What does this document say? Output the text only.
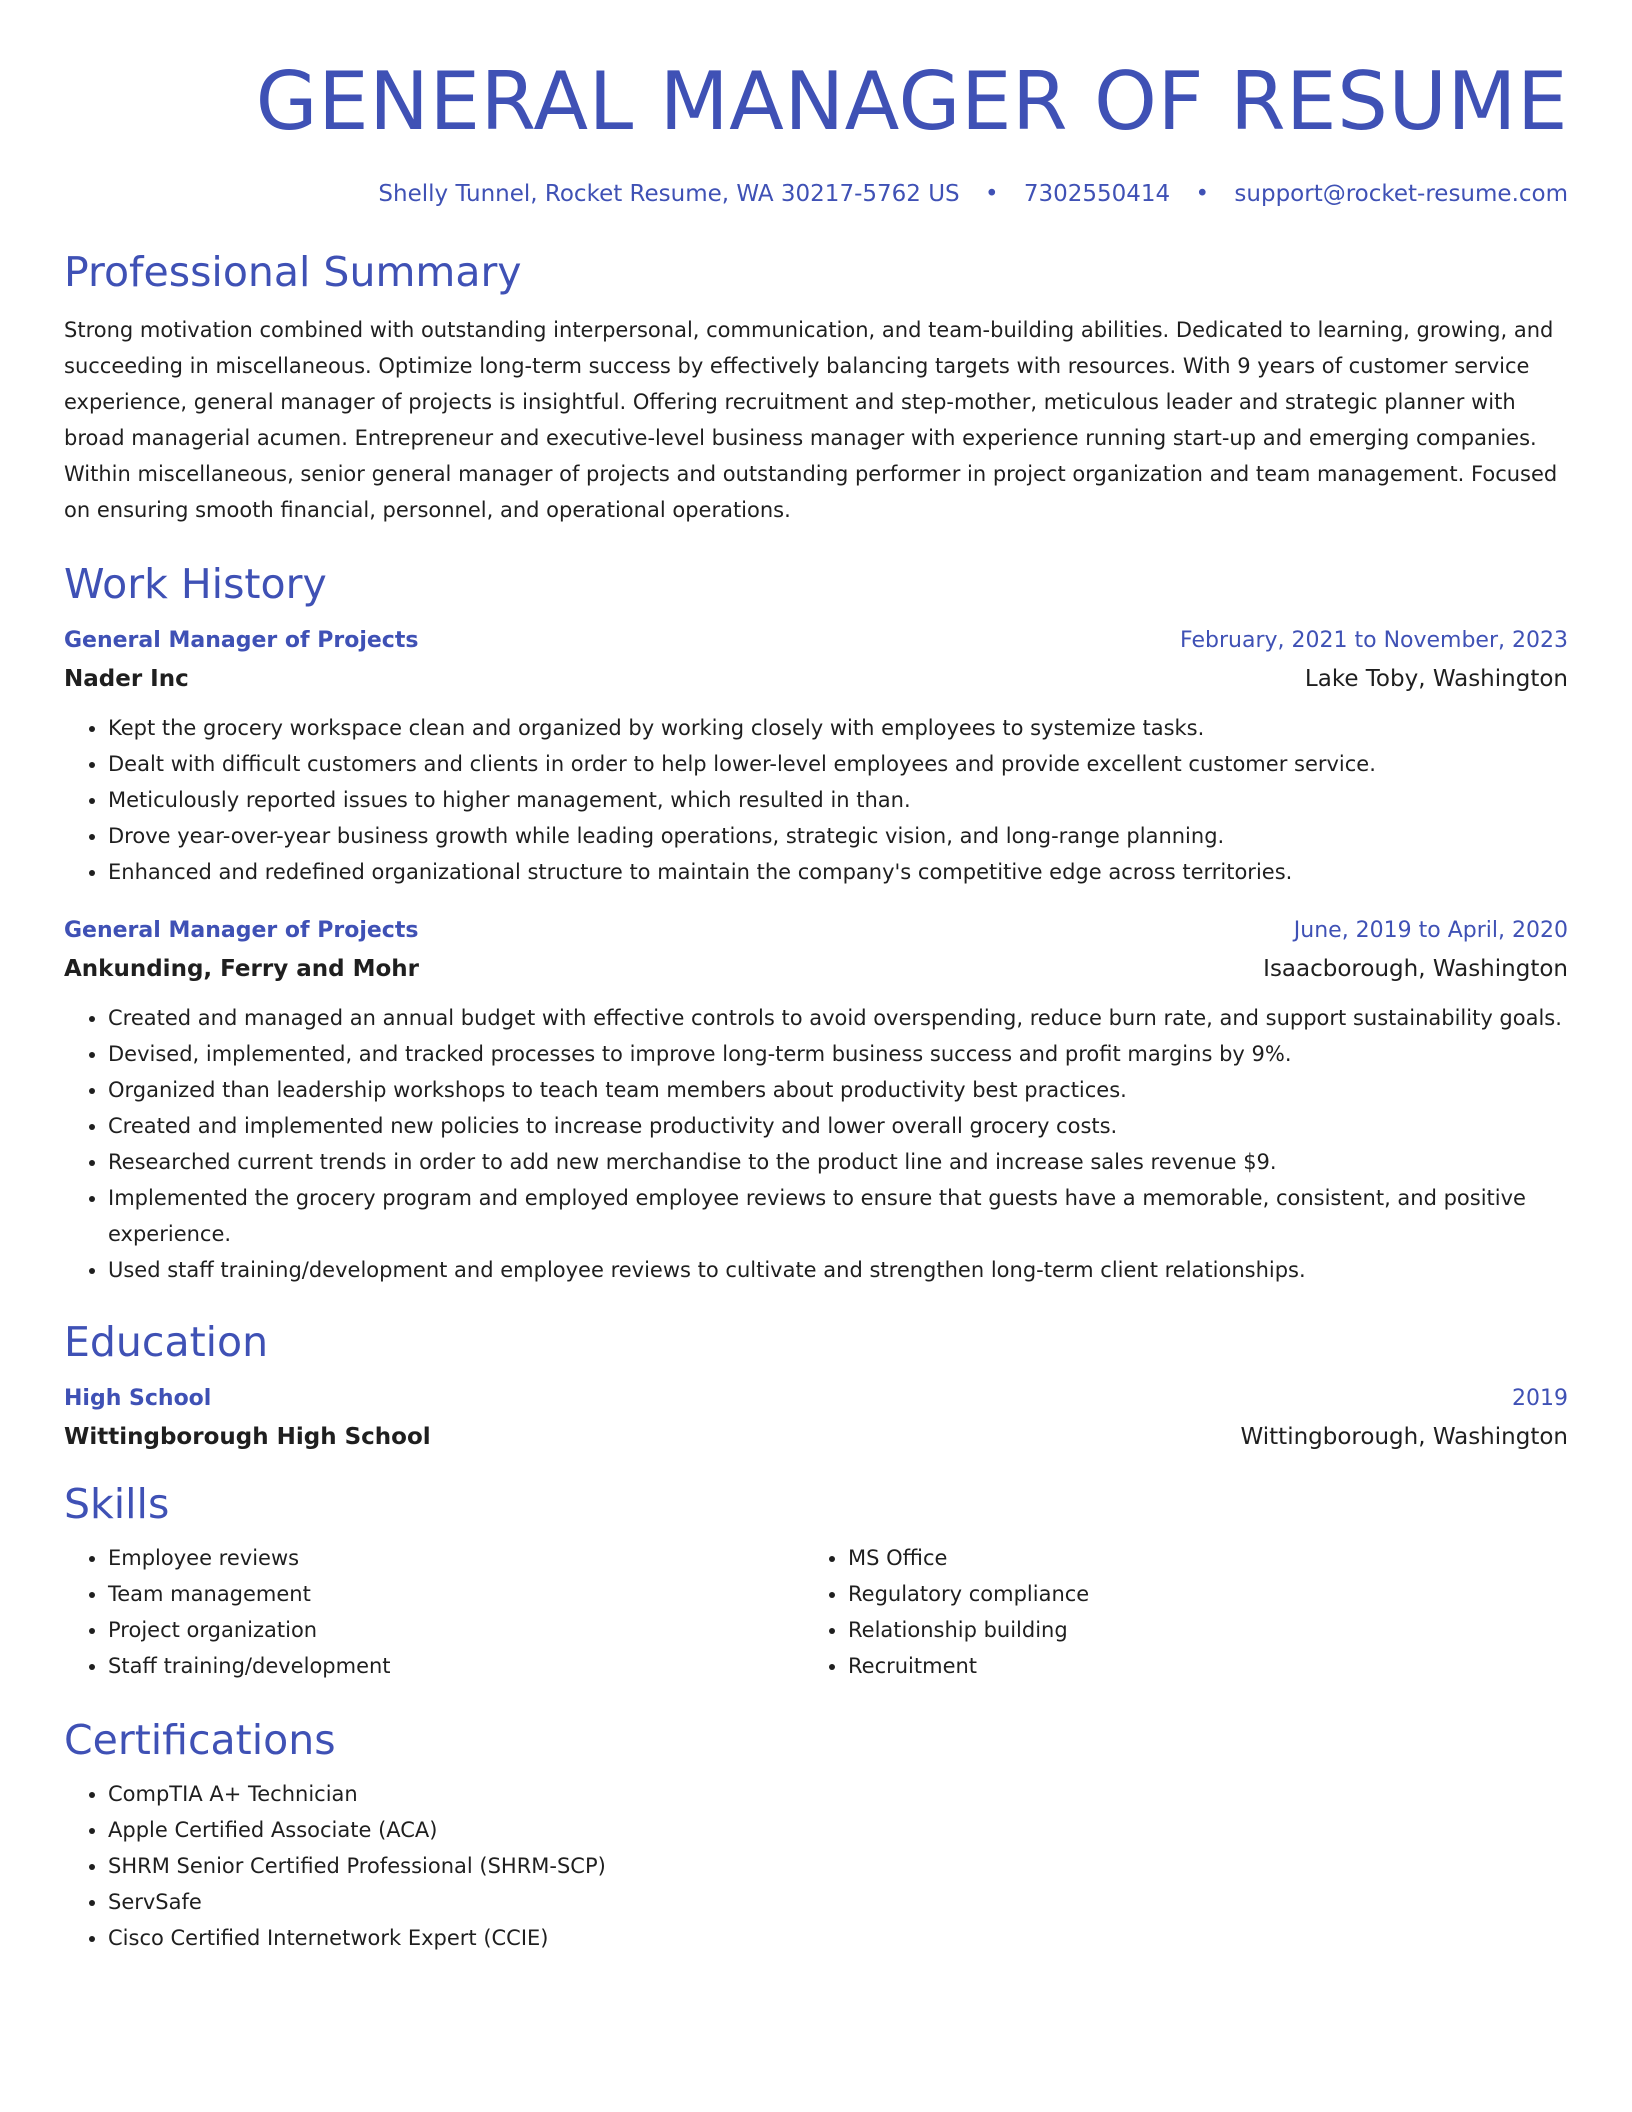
GENERAL MANAGER OF RESUME
Shelly Tunnel, Rocket Resume, WA 30217-5762 US • 7302550414 • support@rocket-resume.com
Professional Summary
Strong motivation combined with outstanding interpersonal, communication, and team-building abilities. Dedicated to learning, growing, and succeeding in miscellaneous. Optimize long-term success by effectively balancing targets with resources. With 9 years of customer service experience, general manager of projects is insightful. Offering recruitment and step-mother, meticulous leader and strategic planner with broad managerial acumen. Entrepreneur and executive-level business manager with experience running start-up and emerging companies. Within miscellaneous, senior general manager of projects and outstanding performer in project organization and team management. Focused on ensuring smooth financial, personnel, and operational operations.
Work History
General Manager of Projects	February, 2021 to November, 2023
Nader Inc	Lake Toby, Washington
• Kept the grocery workspace clean and organized by working closely with employees to systemize tasks.
• Dealt with difficult customers and clients in order to help lower-level employees and provide excellent customer service.
• Meticulously reported issues to higher management, which resulted in than.
• Drove year-over-year business growth while leading operations, strategic vision, and long-range planning.
• Enhanced and redefined organizational structure to maintain the company's competitive edge across territories.
General Manager of Projects	June, 2019 to April, 2020
Ankunding, Ferry and Mohr	Isaacborough, Washington
• Created and managed an annual budget with effective controls to avoid overspending, reduce burn rate, and support sustainability goals.
• Devised, implemented, and tracked processes to improve long-term business success and profit margins by 9%.
• Organized than leadership workshops to teach team members about productivity best practices.
• Created and implemented new policies to increase productivity and lower overall grocery costs.
• Researched current trends in order to add new merchandise to the product line and increase sales revenue $9.
• Implemented the grocery program and employed employee reviews to ensure that guests have a memorable, consistent, and positive experience.
• Used staff training/development and employee reviews to cultivate and strengthen long-term client relationships.
Education
High School	2019
Wittingborough High School	Wittingborough, Washington
Skills
• Employee reviews
• Team management
• Project organization
• Staff training/development
• MS Office
• Regulatory compliance
• Relationship building
• Recruitment
Certifications
• CompTIA A+ Technician
• Apple Certified Associate (ACA)
• SHRM Senior Certified Professional (SHRM-SCP)
• ServSafe
• Cisco Certified Internetwork Expert (CCIE)
